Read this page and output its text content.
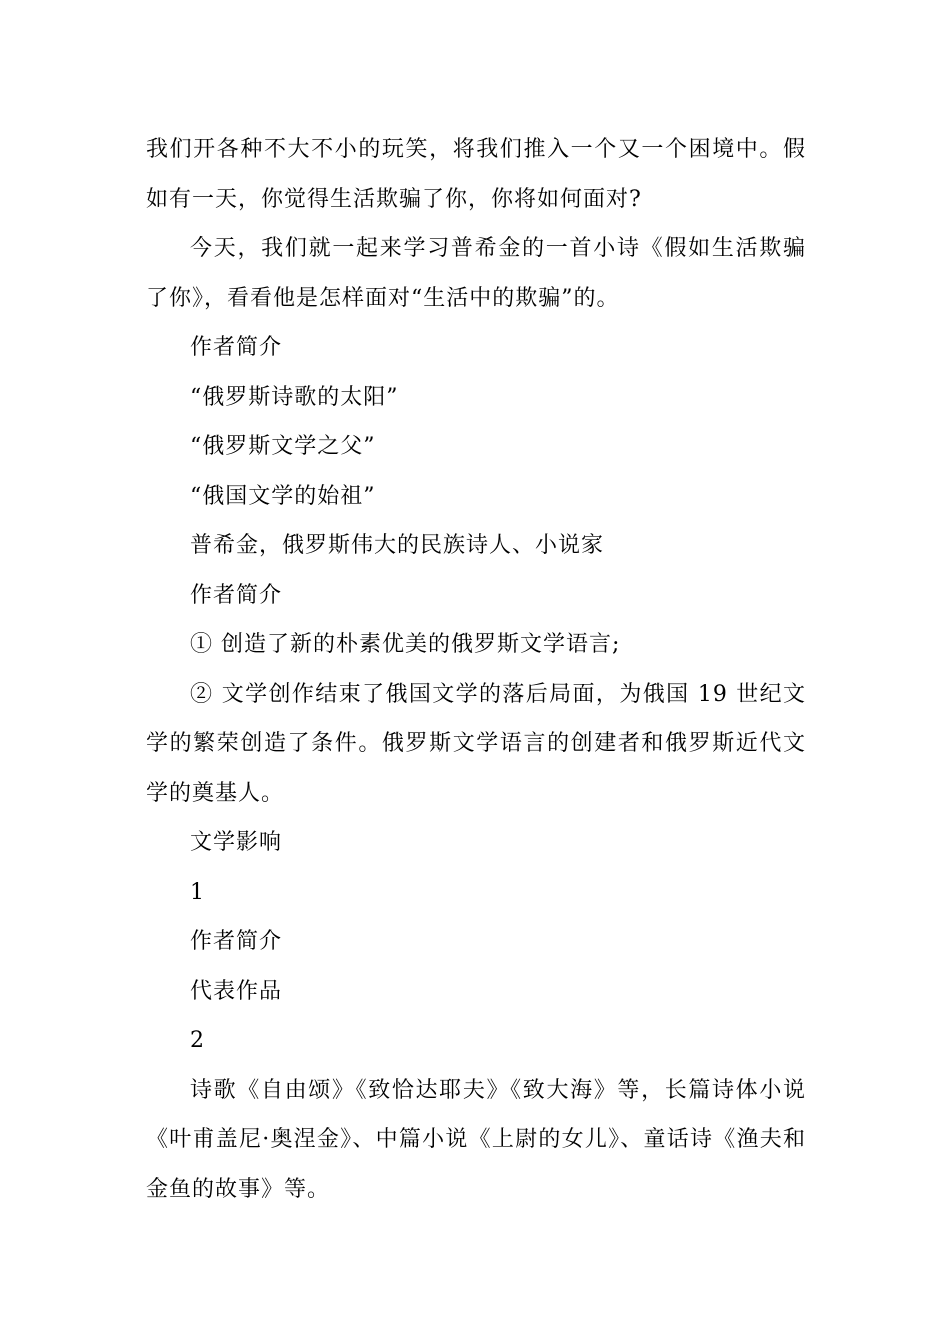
我们开各种不大不小的玩笑，将我们推入一个又一个困境中。假如有一天，你觉得生活欺骗了你，你将如何面对?

今天，我们就一起来学习普希金的一首小诗《假如生活欺骗了你》，看看他是怎样面对“生活中的欺骗”的。

作者简介

“俄罗斯诗歌的太阳”

“俄罗斯文学之父”

“俄国文学的始祖”

普希金，俄罗斯伟大的民族诗人、小说家

作者简介

① 创造了新的朴素优美的俄罗斯文学语言;

② 文学创作结束了俄国文学的落后局面，为俄国 19 世纪文学的繁荣创造了条件。俄罗斯文学语言的创建者和俄罗斯近代文学的奠基人。

文学影响

1

作者简介

代表作品

2

诗歌《自由颂》《致恰达耶夫》《致大海》等，长篇诗体小说《叶甫盖尼·奥涅金》、中篇小说《上尉的女儿》、童话诗《渔夫和金鱼的故事》等。
